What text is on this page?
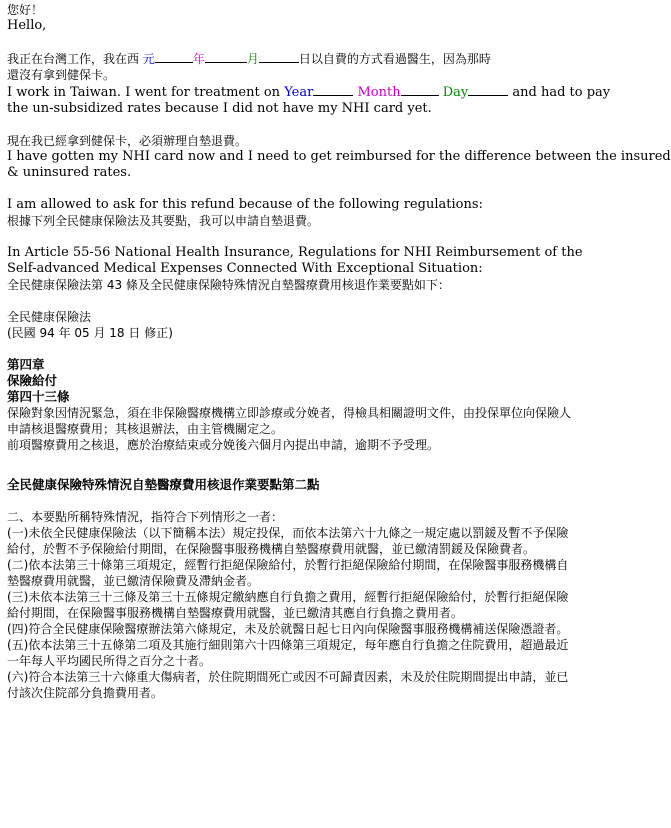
您好！
Hello,
我正在台灣工作，我在西 元	年	月	日以自費的方式看過醫生，因為那時
還沒有拿到健保卡。
I work in Taiwan. I went for treatment on Year	Month	Day	and had to pay
the un-subsidized rates because I did not have my NHI card yet.
現在我已經拿到健保卡，必須辦理自墊退費。
I have gotten my NHI card now and I need to get reimbursed for the difference between the insured
& uninsured rates.
I am allowed to ask for this refund because of the following regulations:
根據下列全民健康保險法及其要點，我可以申請自墊退費。
In Article 55-56 National Health Insurance, Regulations for NHI Reimbursement of the
Self-advanced Medical Expenses Connected With Exceptional Situation:
全民健康保險法第 43 條及全民健康保險特殊情況自墊醫療費用核退作業要點如下：
全民健康保險法
(民國 94 年 05 月 18 日 修正)
第四章
保險給付
第四十三條
保險對象因情況緊急，須在非保險醫療機構立即診療或分娩者，得檢具相關證明文件，由投保單位向保險人申請核退醫療費用；其核退辦法，由主管機關定之。
前項醫療費用之核退，應於治療結束或分娩後六個月內提出申請，逾期不予受理。
全民健康保險特殊情況自墊醫療費用核退作業要點第二點
二、本要點所稱特殊情況，指符合下列情形之一者：
(一)未依全民健康保險法（以下簡稱本法）規定投保，而依本法第六十九條之一規定處以罰鍰及暫不予保險給付，於暫不予保險給付期間，在保險醫事服務機構自墊醫療費用就醫，並已繳清罰鍰及保險費者。
(二)依本法第三十條第三項規定，經暫行拒絕保險給付，於暫行拒絕保險給付期間，在保險醫事服務機構自墊醫療費用就醫，並已繳清保險費及滯納金者。
(三)未依本法第三十三條及第三十五條規定繳納應自行負擔之費用，經暫行拒絕保險給付，於暫行拒絕保險給付期間，在保險醫事服務機構自墊醫療費用就醫，並已繳清其應自行負擔之費用者。
(四)符合全民健康保險醫療辦法第六條規定，未及於就醫日起七日內向保險醫事服務機構補送保險憑證者。
(五)依本法第三十五條第二項及其施行細則第六十四條第三項規定，每年應自行負擔之住院費用，超過最近一年每人平均國民所得之百分之十者。
(六)符合本法第三十六條重大傷病者，於住院期間死亡或因不可歸責因素，未及於住院期間提出申請，並已付該次住院部分負擔費用者。
